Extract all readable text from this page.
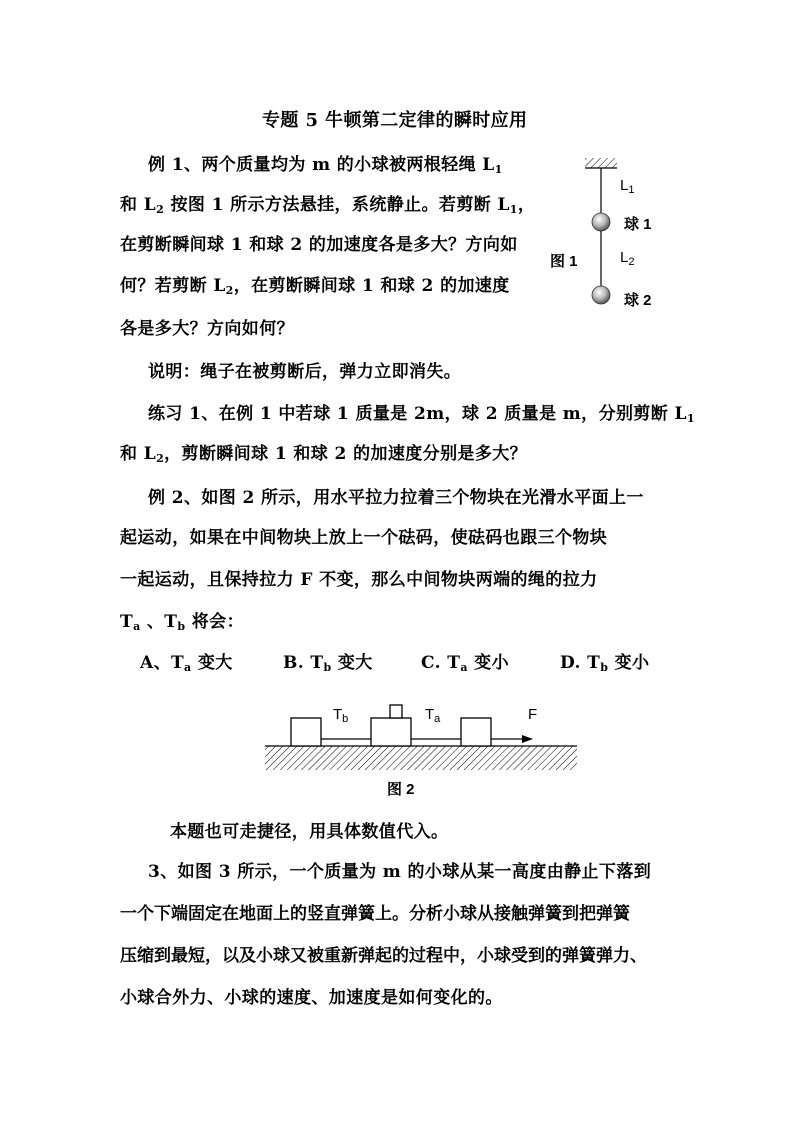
专题 5 牛顿第二定律的瞬时应用
例 1、两个质量均为 m 的小球被两根轻绳 $L_1$
和 $L_2$ 按图 1 所示方法悬挂，系统静止。若剪断 $L_1$，
在剪断瞬间球 1 和球 2 的加速度各是多大？方向如
何？若剪断 $L_2$，在剪断瞬间球 1 和球 2 的加速度
各是多大？方向如何？
$L_1$
球 1
图 1	$L_2$
球 2
说明：绳子在被剪断后，弹力立即消失。
练习 1、在例 1 中若球 1 质量是 2m，球 2 质量是 m，分别剪断 $L_1$
和 $L_2$，剪断瞬间球 1 和球 2 的加速度分别是多大？
例 2、如图 2 所示，用水平拉力拉着三个物块在光滑水平面上一
起运动，如果在中间物块上放上一个砝码，使砝码也跟三个物块
一起运动，且保持拉力 F 不变，那么中间物块两端的绳的拉力
$T_a$ 、$T_b$ 将会：
A、$T_a$ 变大	B. $T_b$ 变大	C. $T_a$ 变小	D. $T_b$ 变小
$T_b$	$T_a$	F
图 2
本题也可走捷径，用具体数值代入。
3、如图 3 所示，一个质量为 m 的小球从某一高度由静止下落到
一个下端固定在地面上的竖直弹簧上。分析小球从接触弹簧到把弹簧
压缩到最短，以及小球又被重新弹起的过程中，小球受到的弹簧弹力、
小球合外力、小球的速度、加速度是如何变化的。
